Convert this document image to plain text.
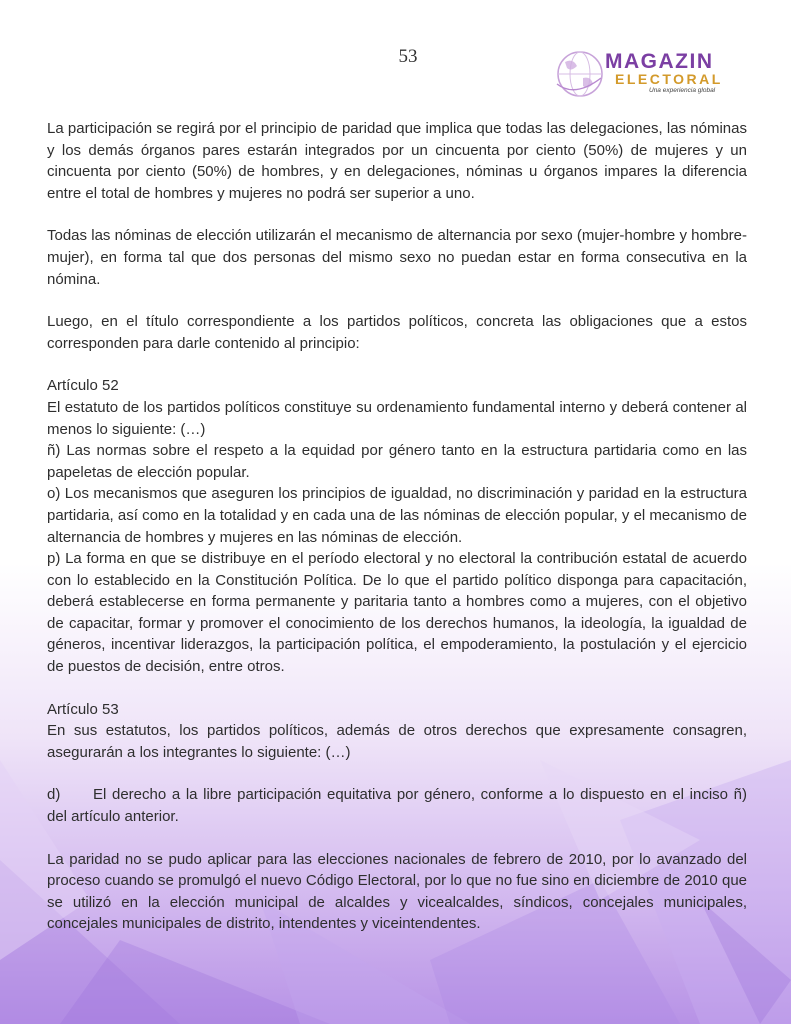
53	MAGAZIN
ELECTORAL
Una experiencia global

La participación se regirá por el principio de paridad que implica que todas las delegaciones, las nóminas y los demás órganos pares estarán integrados por un cincuenta por ciento (50%) de mujeres y un cincuenta por ciento (50%) de hombres, y en delegaciones, nóminas u órganos impares la diferencia entre el total de hombres y mujeres no podrá ser superior a uno.

Todas las nóminas de elección utilizarán el mecanismo de alternancia por sexo (mujer-hombre y hombre-mujer), en forma tal que dos personas del mismo sexo no puedan estar en forma consecutiva en la nómina.

Luego, en el título correspondiente a los partidos políticos, concreta las obligaciones que a estos corresponden para darle contenido al principio:

Artículo 52
El estatuto de los partidos políticos constituye su ordenamiento fundamental interno y deberá contener al menos lo siguiente: (…)
ñ) Las normas sobre el respeto a la equidad por género tanto en la estructura partidaria como en las papeletas de elección popular.
o) Los mecanismos que aseguren los principios de igualdad, no discriminación y paridad en la estructura partidaria, así como en la totalidad y en cada una de las nóminas de elección popular, y el mecanismo de alternancia de hombres y mujeres en las nóminas de elección.
p) La forma en que se distribuye en el período electoral y no electoral la contribución estatal de acuerdo con lo establecido en la Constitución Política. De lo que el partido político disponga para capacitación, deberá establecerse en forma permanente y paritaria tanto a hombres como a mujeres, con el objetivo de capacitar, formar y promover el conocimiento de los derechos humanos, la ideología, la igualdad de géneros, incentivar liderazgos, la participación política, el empoderamiento, la postulación y el ejercicio de puestos de decisión, entre otros.
Artículo 53
En sus estatutos, los partidos políticos, además de otros derechos que expresamente consagren, asegurarán a los integrantes lo siguiente: (…)

d) El derecho a la libre participación equitativa por género, conforme a lo dispuesto en el inciso ñ) del artículo anterior.

La paridad no se pudo aplicar para las elecciones nacionales de febrero de 2010, por lo avanzado del proceso cuando se promulgó el nuevo Código Electoral, por lo que no fue sino en diciembre de 2010 que se utilizó en la elección municipal de alcaldes y vicealcaldes, síndicos, concejales municipales, concejales municipales de distrito, intendentes y viceintendentes.
